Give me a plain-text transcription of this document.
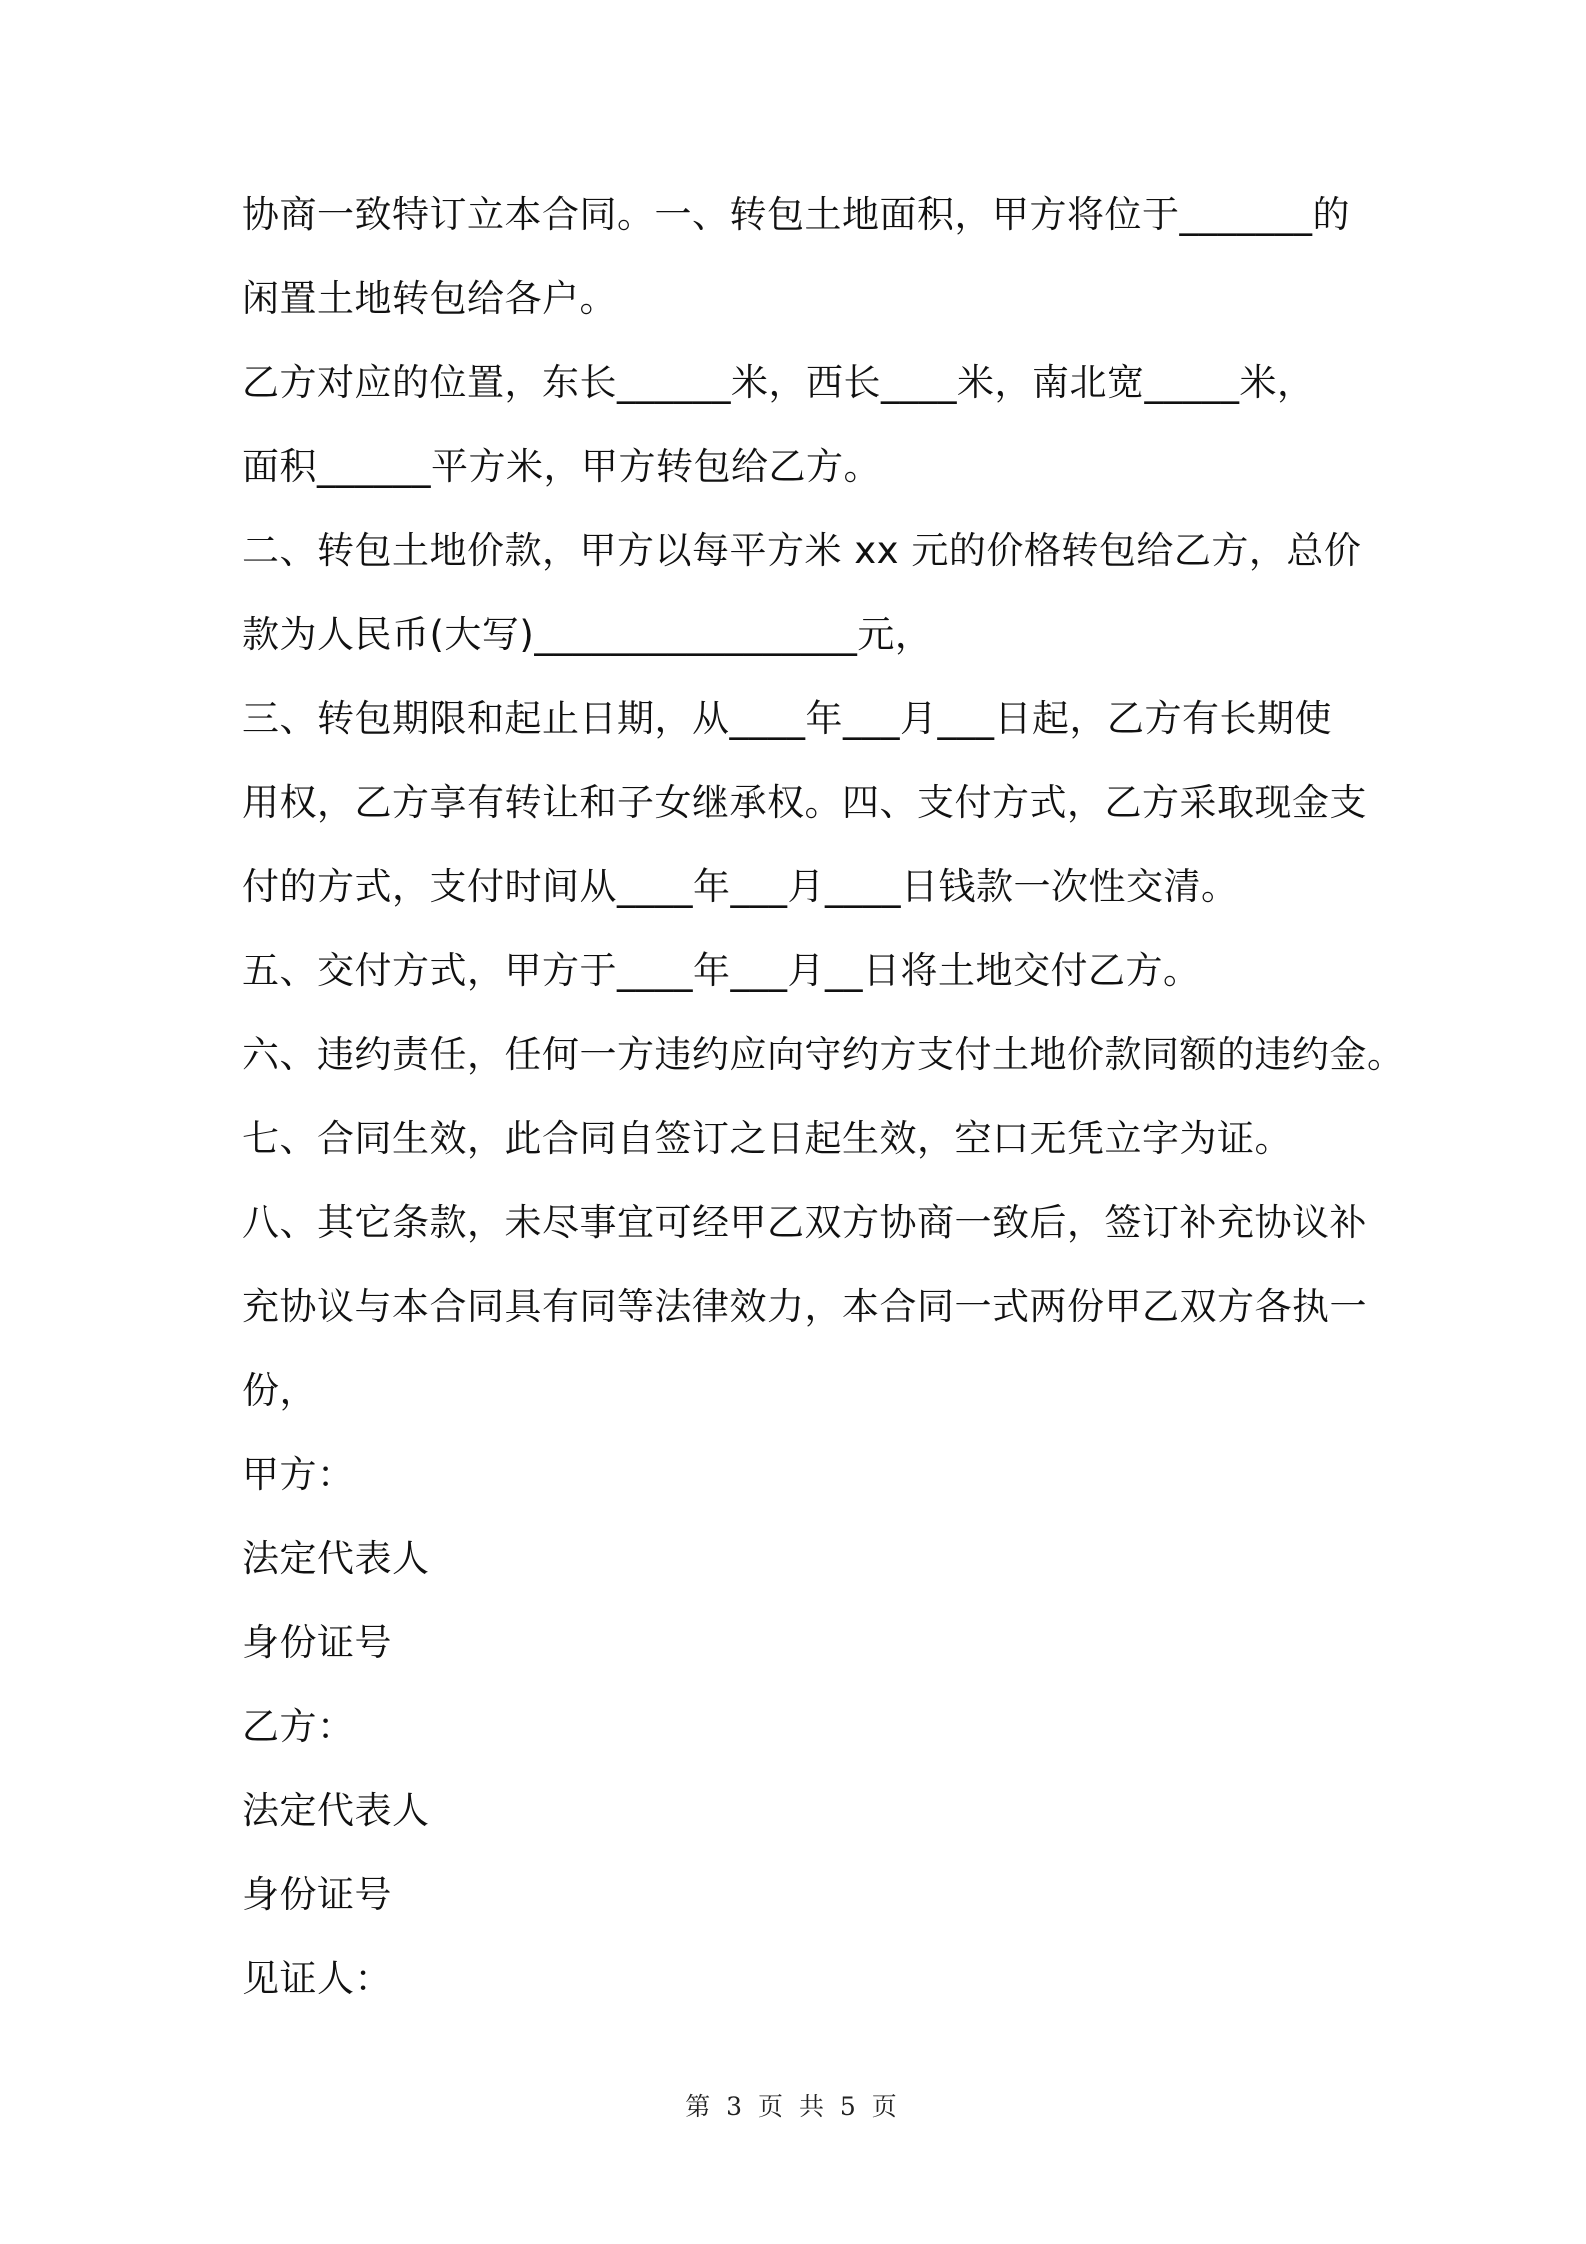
协商一致特订立本合同。一、转包土地面积，甲方将位于_______的
闲置土地转包给各户。
乙方对应的位置，东长______米，西长____米，南北宽_____米，
面积______平方米，甲方转包给乙方。
二、转包土地价款，甲方以每平方米 xx 元的价格转包给乙方，总价
款为人民币(大写)_________________元，
三、转包期限和起止日期，从____年___月___日起，乙方有长期使
用权，乙方享有转让和子女继承权。四、支付方式，乙方采取现金支
付的方式，支付时间从____年___月____日钱款一次性交清。
五、交付方式，甲方于____年___月__日将土地交付乙方。
六、违约责任，任何一方违约应向守约方支付土地价款同额的违约金。
七、合同生效，此合同自签订之日起生效，空口无凭立字为证。
八、其它条款，未尽事宜可经甲乙双方协商一致后，签订补充协议补
充协议与本合同具有同等法律效力，本合同一式两份甲乙双方各执一
份，
甲方：
法定代表人
身份证号
乙方：
法定代表人
身份证号
见证人：
第 3 页 共 5 页
